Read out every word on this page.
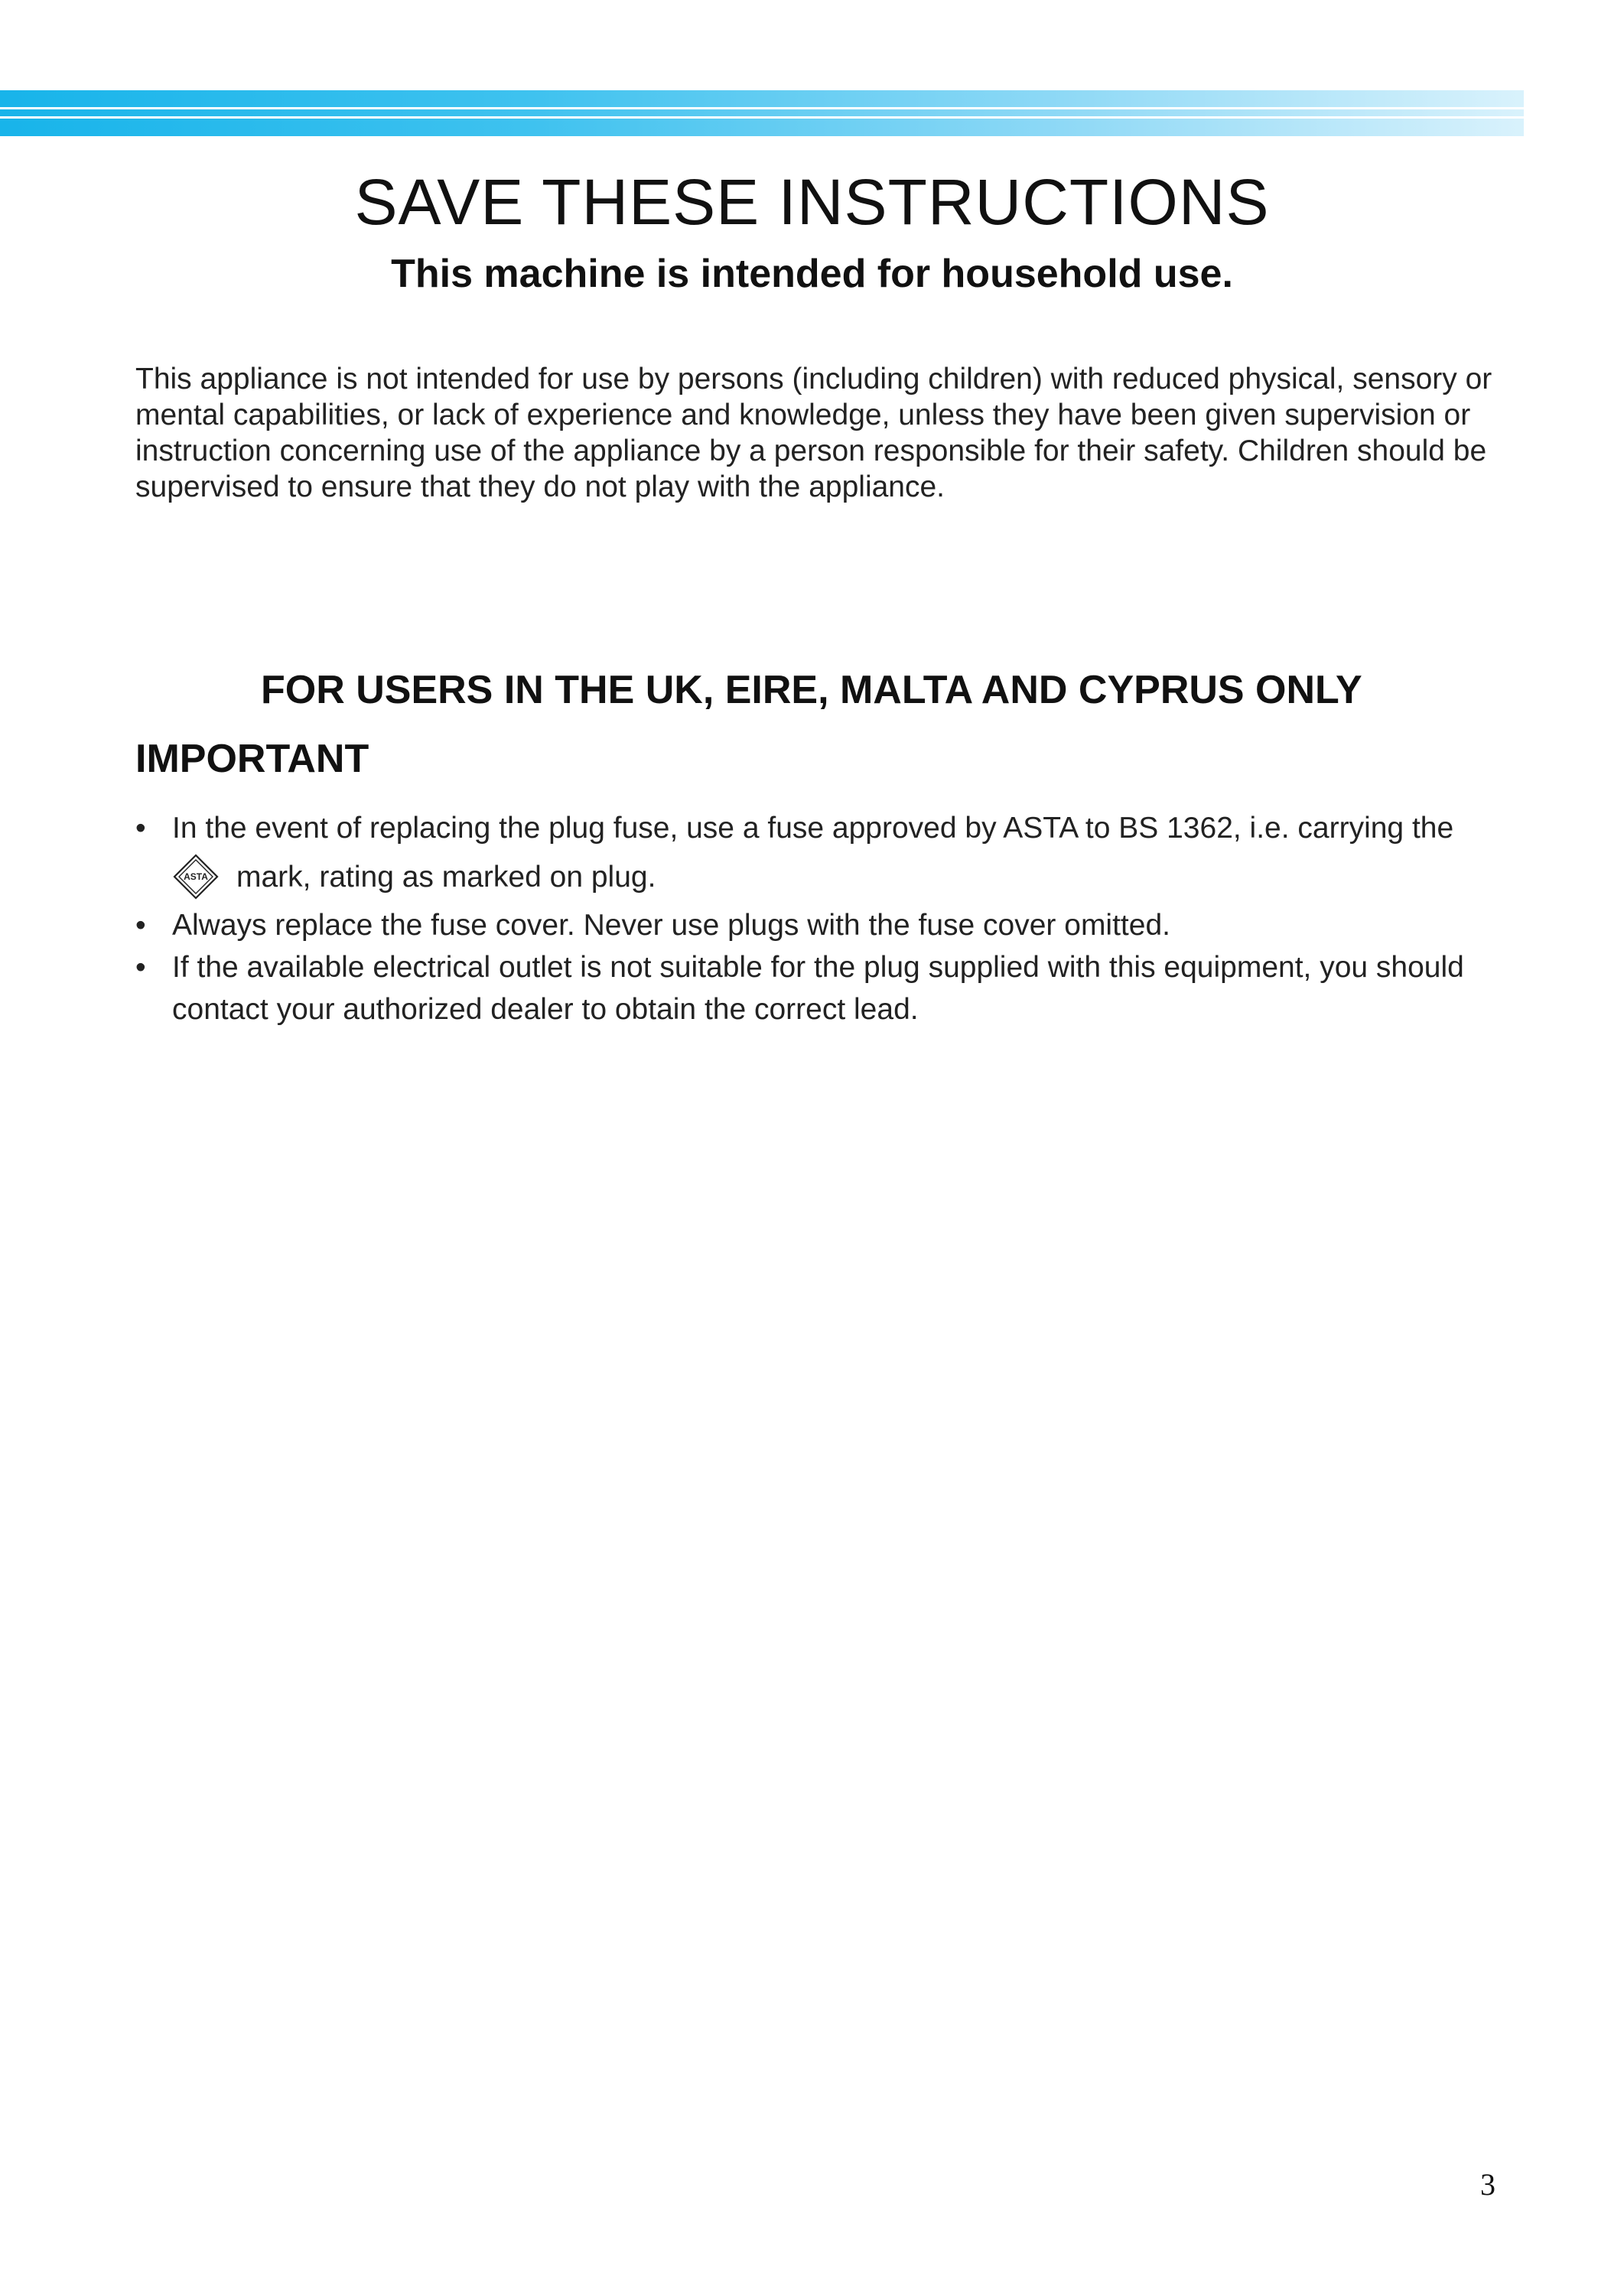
SAVE THESE INSTRUCTIONS
This machine is intended for household use.

This appliance is not intended for use by persons (including children) with reduced physical, sensory or mental capabilities, or lack of experience and knowledge, unless they have been given supervision or instruction concerning use of the appliance by a person responsible for their safety. Children should be supervised to ensure that they do not play with the appliance.

FOR USERS IN THE UK, EIRE, MALTA AND CYPRUS ONLY
IMPORTANT
• In the event of replacing the plug fuse, use a fuse approved by ASTA to BS 1362, i.e. carrying the
ASTA mark, rating as marked on plug.
• Always replace the fuse cover. Never use plugs with the fuse cover omitted.
• If the available electrical outlet is not suitable for the plug supplied with this equipment, you should contact your authorized dealer to obtain the correct lead.

3
